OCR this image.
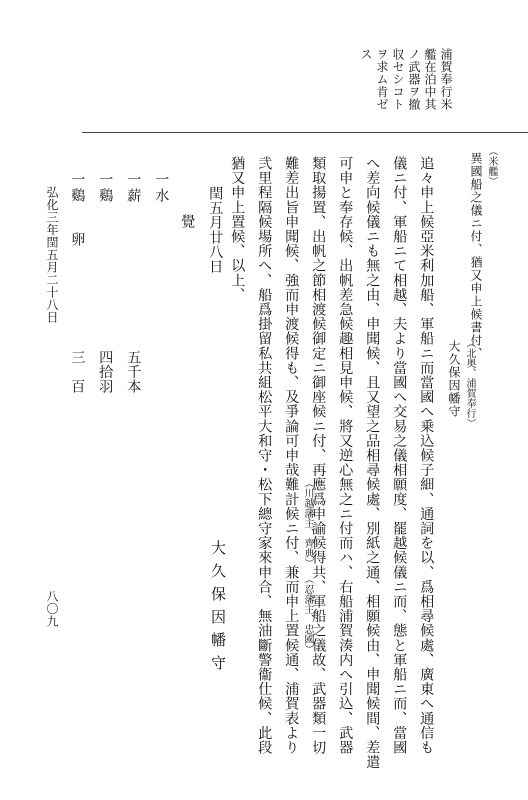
浦賀奉行米
艦在泊中其
ノ武器ヲ撤
収セシコト
ヲ求ム肯ゼ
ス
（米艦）
異國船之儀ニ付、猶又申上候書付、
（北奥、浦賀奉行）
大久保因幡守
追々申上候亞米利加船、軍船ニ而當國へ乗込候子細、通詞を以、爲相尋候處、廣東へ通信も
儀ニ付、軍船ニて相越、夫より當國へ交易之儀相願度、罷越候儀ニ而、態と軍船ニ而、當國
へ差向候儀ニも無之由、申聞候、且又望之品相尋候處、別紙之通、相願候由、申聞候間、差遣
可申と奉存候、出帆差急候趣相見申候、將又逆心無之ニ付而ハ、右船浦賀湊内へ引込、武器
類取揚置、出帆之節相渡候御定ニ御座候ニ付、再應爲申諭候得共、軍船之儀故、武器類一切
難差出旨申聞候、強而申渡候得も、及爭論可申哉難計候ニ付、兼而申上置候通、浦賀表より
弐里程隔候場所へ、船爲掛留私共組松平大和守・松下總守家來申合、無油斷警衞仕候、此段
猶又申上置候、以上、
（川越藩主、齊典）
（忍藩主、忠國）
閏五月廿八日
大久保因幡守
覺
一
水
一
薪
五千本
一
鷄
四拾羽
一
鷄　　卵
三　百
弘化三年閏五月二十八日
八〇九
